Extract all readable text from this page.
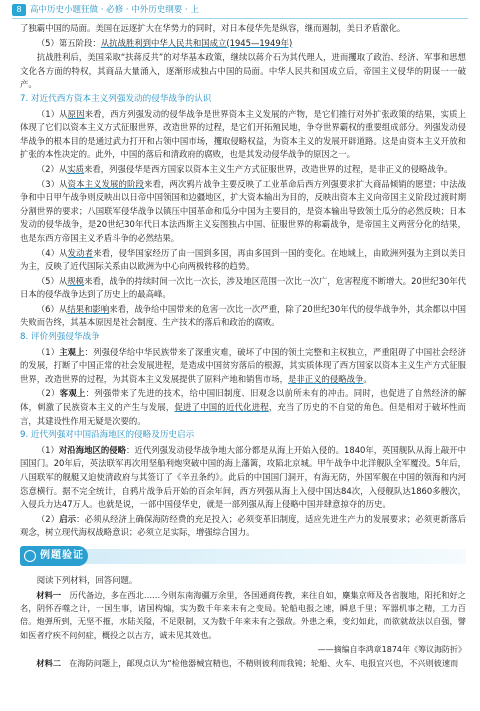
8 高中历史小题狂做 · 必修 · 中外历史纲要 · 上

了独霸中国的局面。美国在远逐扩大在华势力的同时，对日本侵华先是纵容，继而遏制，美日矛盾激化。

（5）第五阶段：从抗战胜利到中华人民共和国成立(1945—1949年)

抗战胜利后，美国采取“扶蒋反共”的对华基本政策，继续以蒋介石为其代理人，进而攫取了政治、经济、军事和思想文化各方面的特权，其商品大量涌入，逐渐形成独占中国的局面。中华人民共和国成立后，帝国主义侵华的阴谋一一破产。

7. 对近代西方资本主义列强发动的侵华战争的认识

（1）从原因来看，西方列强发动的侵华战争是世界资本主义发展的产物，是它们推行对外扩张政策的结果，实质上体现了它们以资本主义方式征服世界，改造世界的过程，是它们开拓殖民地，争夺世界霸权的重要组成部分。列强发动侵华战争的根本目的是通过武力打开和占领中国市场，攫取侵略权益，为资本主义的发展开辟道路。这是由资本主义开放和扩张的本性决定的。此外，中国的落后和清政府的腐败，也是其发动侵华战争的原因之一。

（2）从实质来看，列强侵华是西方国家以资本主义生产方式征服世界，改造世界的过程，是非正义的侵略战争。

（3）从资本主义发展的阶段来看，两次鸦片战争主要反映了工业革命后西方列强要求扩大商品倾销的愿望；中法战争和中日甲午战争则反映出以日帝中国领国和边疆地区，扩大资本输出为目的，反映出资本主义向帝国主义阶段过渡时期分割世界的要求；八国联军侵华战争以镇压中国革命和瓜分中国为主要目的，是资本输出导致领土瓜分的必然反映；日本发动的侵华战争，是20世纪30年代日本法西斯主义妄图独占中国、征服世界的称霸战争，是帝国主义两营分化的结果，也是东西方帝国主义矛盾斗争的必然结果。

（4）从发动者来看，侵华国家经历了由一国到多国，再由多国到一国的变化。在地域上，由欧洲列强为主到以美日为主，反映了近代国际关系由以欧洲为中心向两极转移的趋势。

（5）从规模来看，战争的持续时间一次比一次长，涉及地区范围一次比一次广，危害程度不断增大。20世纪30年代日本的侵华战争达到了历史上的最高峰。

（6）从结果和影响来看，战争给中国带来的危害一次比一次严重，除了20世纪30年代的侵华战争外，其余都以中国失败而告终，其基本原因是社会制度、生产技术的落后和政治的腐败。

8. 评价列强侵华战争

（1）主观上：列强侵华给中华民族带来了深重灾难，破坏了中国的领土完整和主权独立，严重阻碍了中国社会经济的发展，打断了中国正常的社会发展进程，是造成中国贫穷落后的根源，其实质体现了西方国家以资本主义生产方式征服世界，改造世界的过程，为其资本主义发展提供了原料产地和销售市场，是非正义的侵略战争。

（2）客观上：列强带来了先进的技术，给中国旧制度、旧观念以前所未有的冲击。同时，也促进了自然经济的解体，刺激了民族资本主义的产生与发展，促进了中国的近代化进程，充当了历史的不自觉的角色。但是相对于破坏性而言，其建设性作用无疑是次要的。

9. 近代列强对中国沿海地区的侵略及历史启示

（1）对沿海地区的侵略：近代列强发动侵华战争地大部分都是从海上开始入侵的。1840年，英国舰队从海上敲开中国国门。20年后，英法联军再次用坚船利炮突破中国的海上藩篱，攻陷北京城。甲午战争中北洋舰队全军覆没。5年后，八国联军的舰艇又迫使清政府与其签订了《辛丑条约》。此后的中国国门洞开，有海无防，外国军舰在中国的领海和内河恣意横行。据不完全统计，自鸦片战争后开始的百余年间，西方列强从海上入侵中国达84次，入侵舰队达1860多艘次，入侵兵力达47万人。也就是说，一部中国侵华史，就是一部列强从海上侵略中国并肆意掠夺的历史。

（2）启示：必须从经济上确保海防经费的充足投入；必须变革旧制度，适应先进生产力的发展要求；必须更新落后观念，树立现代海权战略意识；必须立足实际，增强综合国力。

例题验证

阅读下列材料，回答问题。

材料一　 历代备边，多在西北……今则东南海疆万余里，各国通商传教，来往自如，麇集京师及各省腹地，阳托和好之名，阴怀吞噬之计，一国生事，诸国构煽，实为数千年来未有之变局。轮船电报之速，瞬息千里；军器机事之精，工力百倍。炮弹所到，无坚不摧，水陆关隘，不足限制，又为数千年来未有之强敌。外患之乘，变幻如此，而欲就故法以自强，譬如医者疗疾不问何症，概投之以古方，诚未见其效也。

——摘编自李鸿章1874年《筹议海防折》

材料二　 在海防问题上，邮现点认为“检他器械宜精也，不精则彼利而我钝；轮船、火车、电报宜兴也，不兴则彼速而
